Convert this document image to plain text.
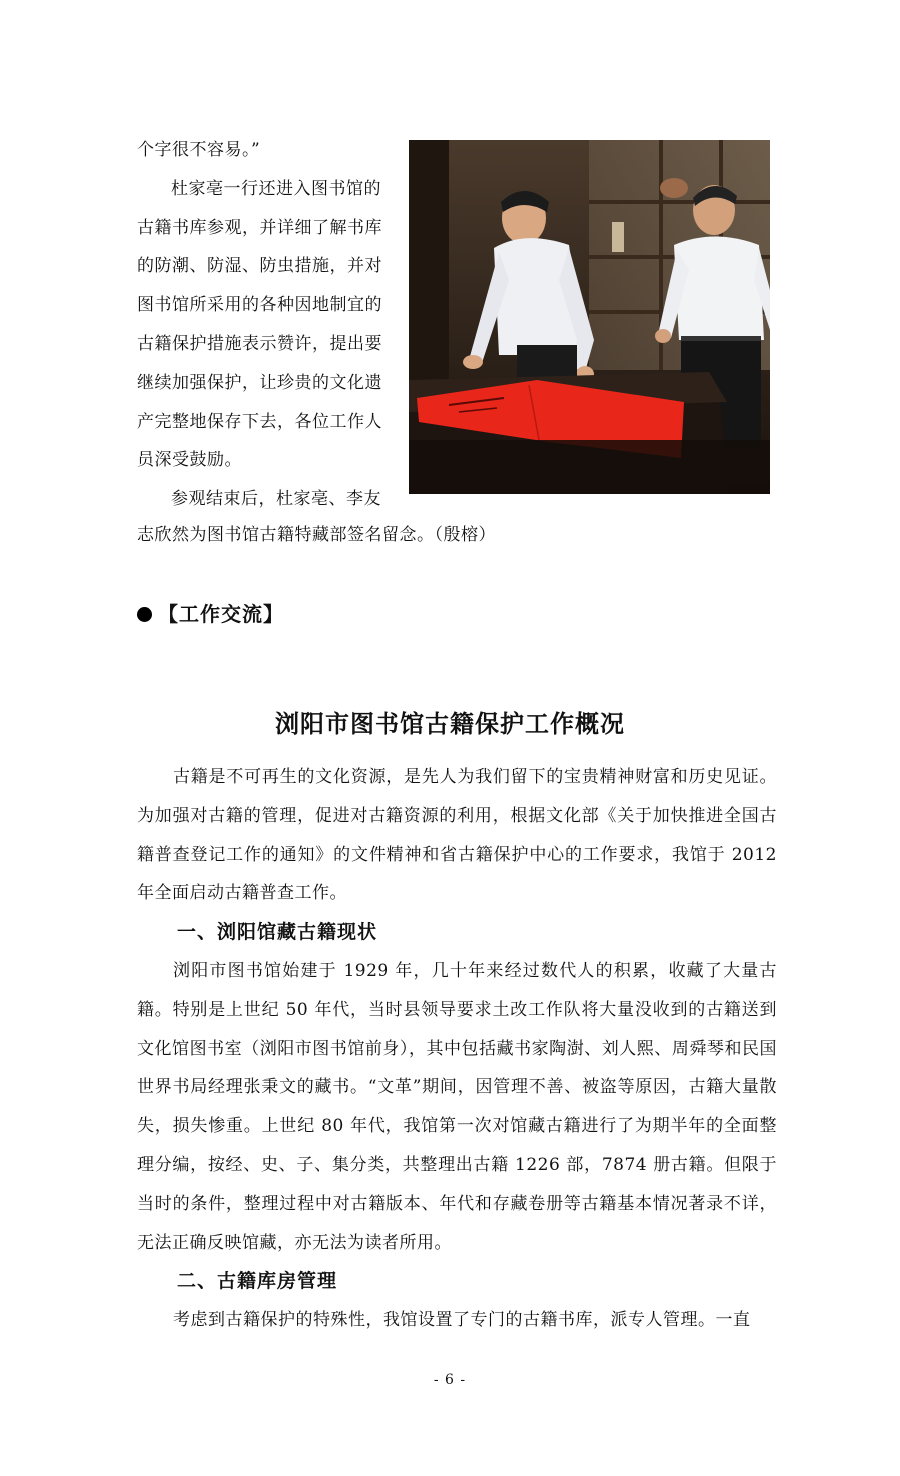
个字很不容易。”

杜家亳一行还进入图书馆的

古籍书库参观，并详细了解书库

的防潮、防湿、防虫措施，并对

图书馆所采用的各种因地制宜的

古籍保护措施表示赞许，提出要

继续加强保护，让珍贵的文化遗

产完整地保存下去，各位工作人

员深受鼓励。

参观结束后，杜家亳、李友

志欣然为图书馆古籍特藏部签名留念。（殷榕）

【工作交流】
浏阳市图书馆古籍保护工作概况

古籍是不可再生的文化资源，是先人为我们留下的宝贵精神财富和历史见证。为加强对古籍的管理，促进对古籍资源的利用，根据文化部《关于加快推进全国古籍普查登记工作的通知》的文件精神和省古籍保护中心的工作要求，我馆于 2012 年全面启动古籍普查工作。

一、浏阳馆藏古籍现状

浏阳市图书馆始建于 1929 年，几十年来经过数代人的积累，收藏了大量古籍。特别是上世纪 50 年代，当时县领导要求土改工作队将大量没收到的古籍送到文化馆图书室（浏阳市图书馆前身），其中包括藏书家陶澍、刘人熙、周舜琴和民国世界书局经理张秉文的藏书。“文革”期间，因管理不善、被盗等原因，古籍大量散失，损失惨重。上世纪 80 年代，我馆第一次对馆藏古籍进行了为期半年的全面整理分编，按经、史、子、集分类，共整理出古籍 1226 部，7874 册古籍。但限于当时的条件，整理过程中对古籍版本、年代和存藏卷册等古籍基本情况著录不详，无法正确反映馆藏，亦无法为读者所用。

二、古籍库房管理

考虑到古籍保护的特殊性，我馆设置了专门的古籍书库，派专人管理。一直

- 6 -
